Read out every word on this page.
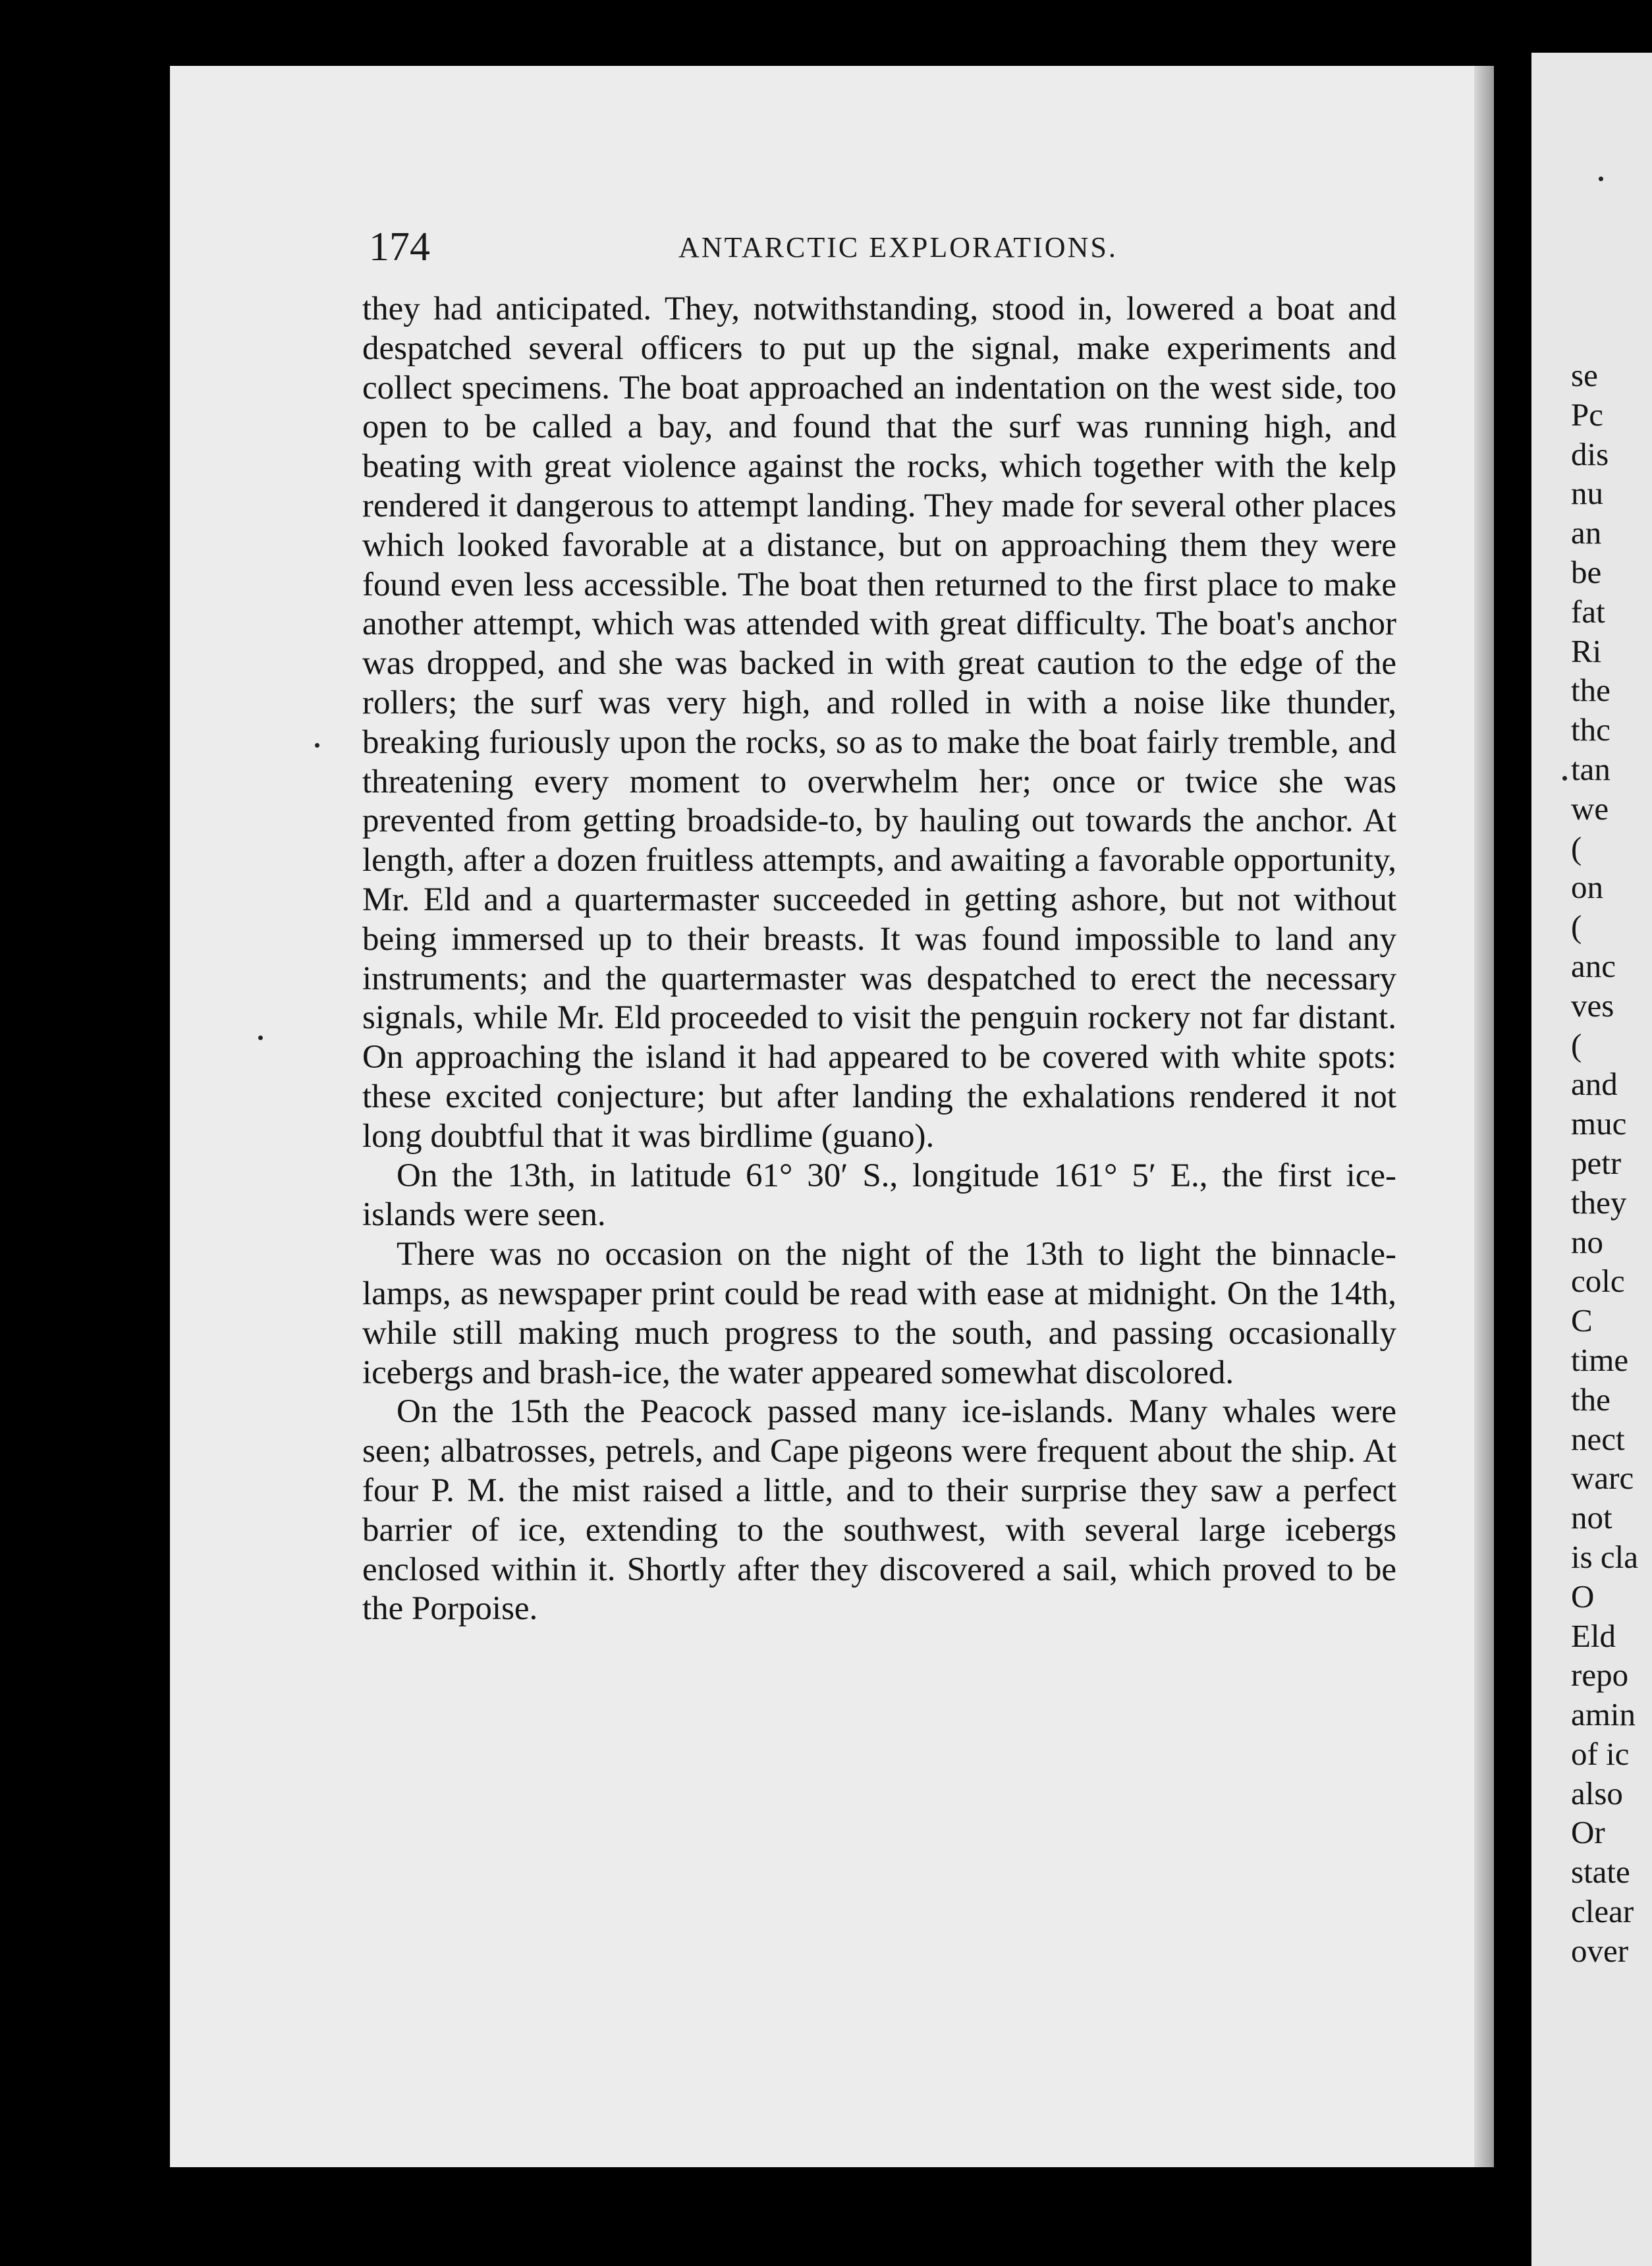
174	ANTARCTIC EXPLORATIONS.

they had anticipated. They, notwithstanding, stood in, lowered a boat and despatched several officers to put up the signal, make experiments and collect specimens. The boat approached an indentation on the west side, too open to be called a bay, and found that the surf was running high, and beating with great violence against the rocks, which together with the kelp rendered it dangerous to attempt landing. They made for several other places which looked favorable at a distance, but on approaching them they were found even less accessible. The boat then returned to the first place to make another attempt, which was attended with great difficulty. The boat's anchor was dropped, and she was backed in with great caution to the edge of the rollers; the surf was very high, and rolled in with a noise like thunder, breaking furiously upon the rocks, so as to make the boat fairly tremble, and threatening every moment to overwhelm her; once or twice she was prevented from getting broadside-to, by hauling out towards the anchor. At length, after a dozen fruitless attempts, and awaiting a favorable opportunity, Mr. Eld and a quartermaster succeeded in getting ashore, but not without being immersed up to their breasts. It was found impossible to land any instruments; and the quartermaster was despatched to erect the necessary signals, while Mr. Eld proceeded to visit the penguin rockery not far distant. On approaching the island it had appeared to be covered with white spots: these excited conjecture; but after landing the exhalations rendered it not long doubtful that it was birdlime (guano).

On the 13th, in latitude 61° 30′ S., longitude 161° 5′ E., the first ice-islands were seen.

There was no occasion on the night of the 13th to light the binnacle-lamps, as newspaper print could be read with ease at midnight. On the 14th, while still making much progress to the south, and passing occasionally icebergs and brash-ice, the water appeared somewhat discolored.

On the 15th the Peacock passed many ice-islands. Many whales were seen; albatrosses, petrels, and Cape pigeons were frequent about the ship. At four P. M. the mist raised a little, and to their surprise they saw a perfect barrier of ice, extending to the southwest, with several large icebergs enclosed within it. Shortly after they discovered a sail, which proved to be the Porpoise.

se
Pc
dis
nu
an
be
fat
Ri
the
thc
tan
we
(
on
(
anc
ves
(
and
muc
petr
they
no
colc
C
time
the
nect
warc
not
is cla
O
Eld
repo
amin
of ic
also
Or
state
clear
over
